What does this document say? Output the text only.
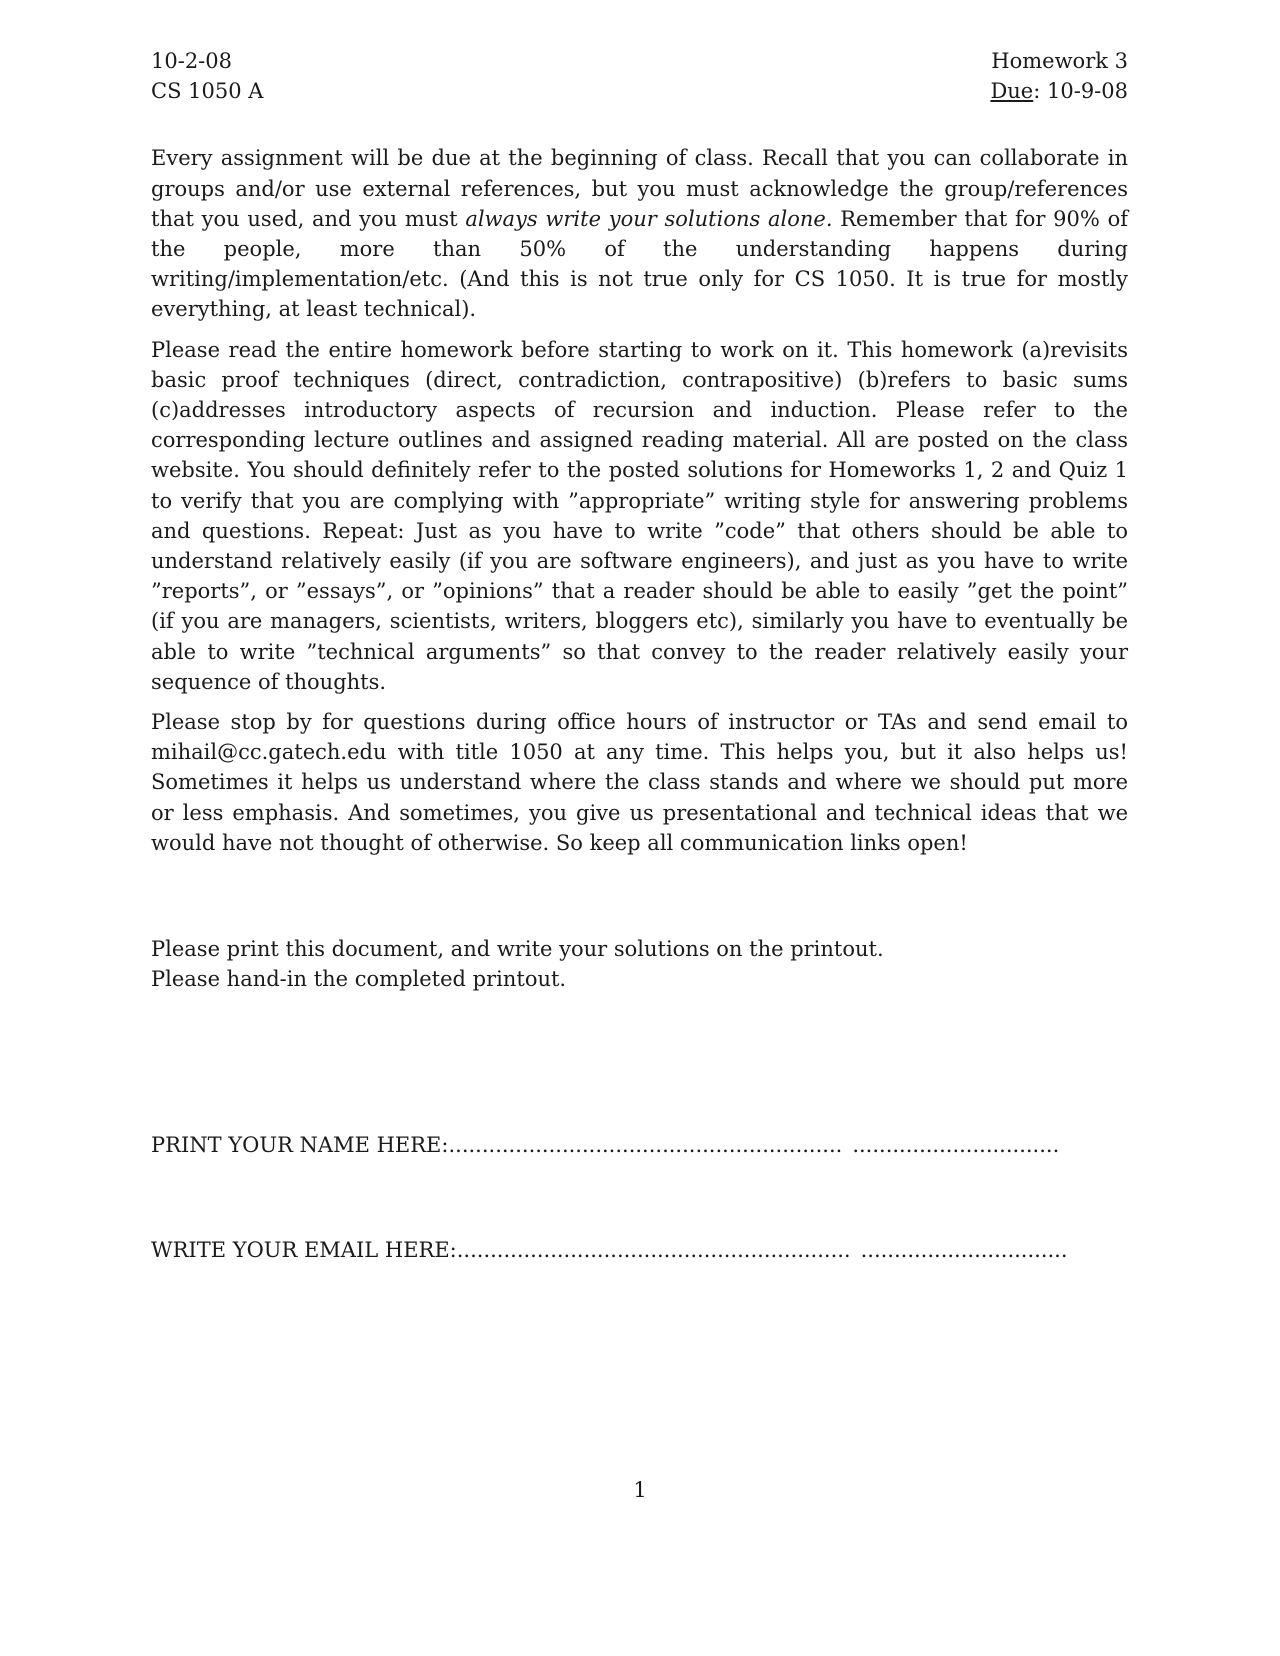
10-2-08
CS 1050 A
Homework 3
Due: 10-9-08

Every assignment will be due at the beginning of class. Recall that you can collaborate in groups and/or use external references, but you must acknowledge the group/references that you used, and you must always write your solutions alone. Remember that for 90% of the people, more than 50% of the understanding happens during writing/implementation/etc. (And this is not true only for CS 1050. It is true for mostly everything, at least technical).

Please read the entire homework before starting to work on it. This homework (a)revisits basic proof techniques (direct, contradiction, contrapositive) (b)refers to basic sums (c)addresses introductory aspects of recursion and induction. Please refer to the corresponding lecture outlines and assigned reading material. All are posted on the class website. You should definitely refer to the posted solutions for Homeworks 1, 2 and Quiz 1 to verify that you are complying with ”appropriate” writing style for answering problems and questions. Repeat: Just as you have to write ”code” that others should be able to understand relatively easily (if you are software engineers), and just as you have to write ”reports”, or ”essays”, or ”opinions” that a reader should be able to easily ”get the point” (if you are managers, scientists, writers, bloggers etc), similarly you have to eventually be able to write ”technical arguments” so that convey to the reader relatively easily your sequence of thoughts.

Please stop by for questions during office hours of instructor or TAs and send email to mihail@cc.gatech.edu with title 1050 at any time. This helps you, but it also helps us! Sometimes it helps us understand where the class stands and where we should put more or less emphasis. And sometimes, you give us presentational and technical ideas that we would have not thought of otherwise. So keep all communication links open!

Please print this document, and write your solutions on the printout.
Please hand-in the completed printout.
PRINT YOUR NAME HERE: ........................................................... ...............................
WRITE YOUR EMAIL HERE: ........................................................... ...............................
1
